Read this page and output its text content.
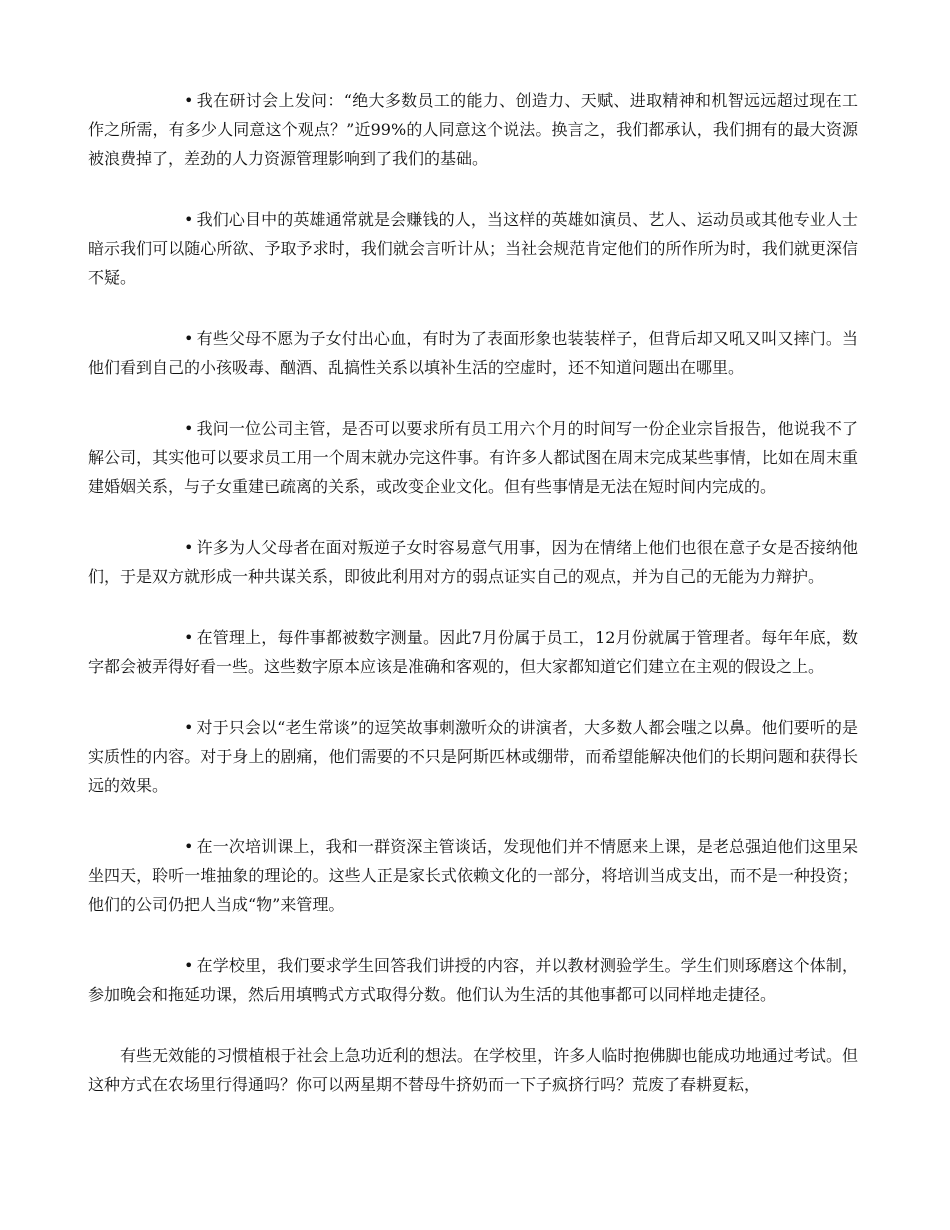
• 我在研讨会上发问：“绝大多数员工的能力、创造力、天赋、进取精神和机智远远超过现在工作之所需，有多少人同意这个观点？”近99%的人同意这个说法。换言之，我们都承认，我们拥有的最大资源被浪费掉了，差劲的人力资源管理影响到了我们的基础。

• 我们心目中的英雄通常就是会赚钱的人，当这样的英雄如演员、艺人、运动员或其他专业人士暗示我们可以随心所欲、予取予求时，我们就会言听计从；当社会规范肯定他们的所作所为时，我们就更深信不疑。

• 有些父母不愿为子女付出心血，有时为了表面形象也装装样子，但背后却又吼又叫又摔门。当他们看到自己的小孩吸毒、酗酒、乱搞性关系以填补生活的空虚时，还不知道问题出在哪里。

• 我问一位公司主管，是否可以要求所有员工用六个月的时间写一份企业宗旨报告，他说我不了解公司，其实他可以要求员工用一个周末就办完这件事。有许多人都试图在周末完成某些事情，比如在周末重建婚姻关系，与子女重建已疏离的关系，或改变企业文化。但有些事情是无法在短时间内完成的。

• 许多为人父母者在面对叛逆子女时容易意气用事，因为在情绪上他们也很在意子女是否接纳他们，于是双方就形成一种共谋关系，即彼此利用对方的弱点证实自己的观点，并为自己的无能为力辩护。

• 在管理上，每件事都被数字测量。因此7月份属于员工，12月份就属于管理者。每年年底，数字都会被弄得好看一些。这些数字原本应该是准确和客观的，但大家都知道它们建立在主观的假设之上。

• 对于只会以“老生常谈”的逗笑故事刺激听众的讲演者，大多数人都会嗤之以鼻。他们要听的是实质性的内容。对于身上的剧痛，他们需要的不只是阿斯匹林或绷带，而希望能解决他们的长期问题和获得长远的效果。

• 在一次培训课上，我和一群资深主管谈话，发现他们并不情愿来上课，是老总强迫他们这里呆坐四天，聆听一堆抽象的理论的。这些人正是家长式依赖文化的一部分，将培训当成支出，而不是一种投资；他们的公司仍把人当成“物”来管理。

• 在学校里，我们要求学生回答我们讲授的内容，并以教材测验学生。学生们则琢磨这个体制，参加晚会和拖延功课，然后用填鸭式方式取得分数。他们认为生活的其他事都可以同样地走捷径。

有些无效能的习惯植根于社会上急功近利的想法。在学校里，许多人临时抱佛脚也能成功地通过考试。但这种方式在农场里行得通吗？你可以两星期不替母牛挤奶而一下子疯挤行吗？荒废了春耕夏耘，
